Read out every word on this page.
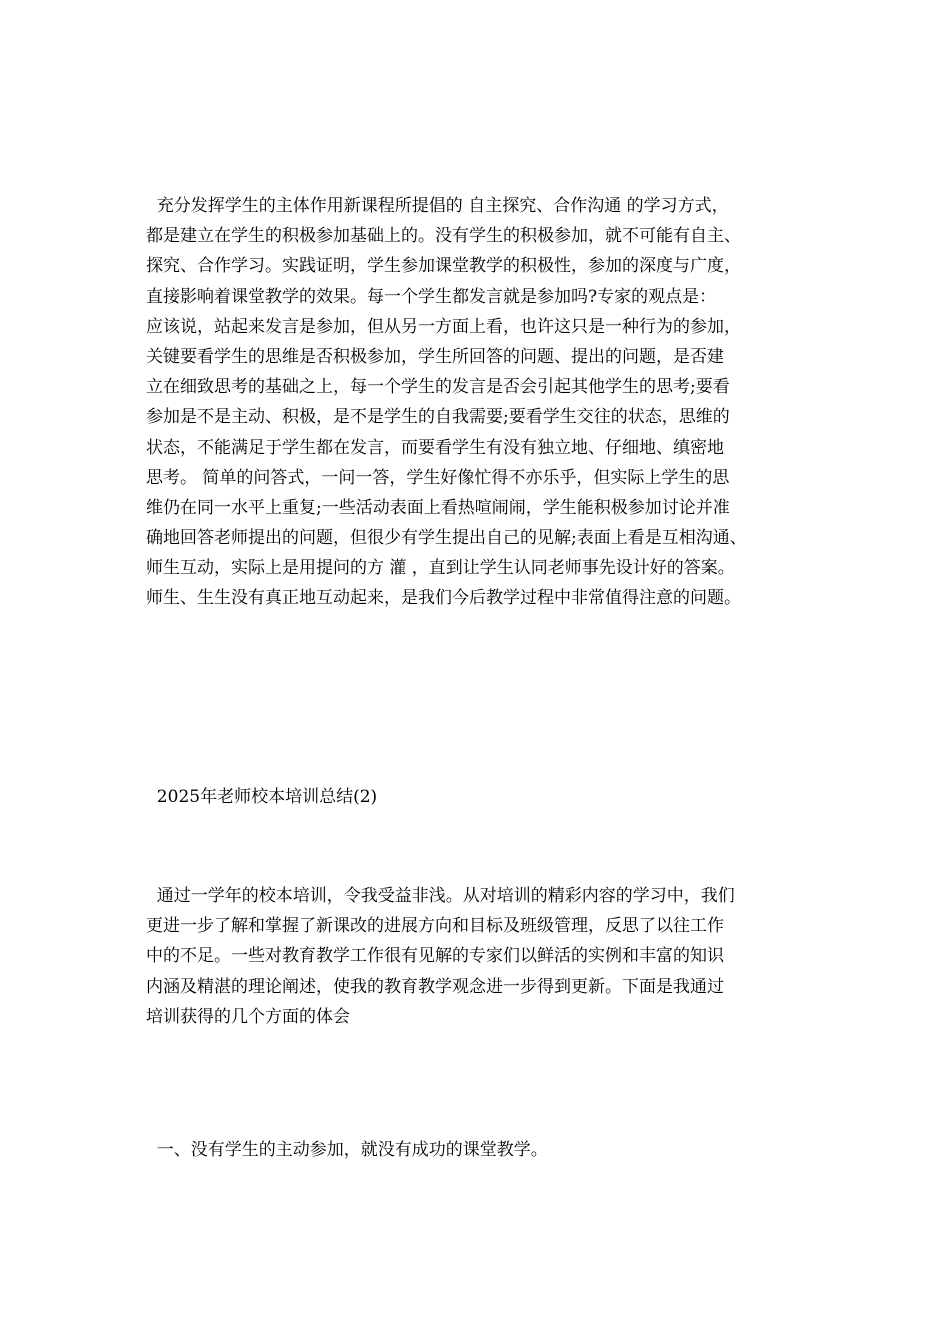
充分发挥学生的主体作用新课程所提倡的 自主探究、合作沟通 的学习方式，
都是建立在学生的积极参加基础上的。没有学生的积极参加，就不可能有自主、
探究、合作学习。实践证明，学生参加课堂教学的积极性，参加的深度与广度，
直接影响着课堂教学的效果。每一个学生都发言就是参加吗?专家的观点是：
应该说，站起来发言是参加，但从另一方面上看，也许这只是一种行为的参加，
关键要看学生的思维是否积极参加，学生所回答的问题、提出的问题，是否建
立在细致思考的基础之上，每一个学生的发言是否会引起其他学生的思考;要看
参加是不是主动、积极，是不是学生的自我需要;要看学生交往的状态，思维的
状态，不能满足于学生都在发言，而要看学生有没有独立地、仔细地、缜密地
思考。 简单的问答式，一问一答，学生好像忙得不亦乐乎，但实际上学生的思
维仍在同一水平上重复;一些活动表面上看热喧闹闹，学生能积极参加讨论并准
确地回答老师提出的问题，但很少有学生提出自己的见解;表面上看是互相沟通、
师生互动，实际上是用提问的方 灌 ，直到让学生认同老师事先设计好的答案。
师生、生生没有真正地互动起来，是我们今后教学过程中非常值得注意的问题。
2025年老师校本培训总结(2)
通过一学年的校本培训，令我受益非浅。从对培训的精彩内容的学习中，我们
更进一步了解和掌握了新课改的进展方向和目标及班级管理，反思了以往工作
中的不足。一些对教育教学工作很有见解的专家们以鲜活的实例和丰富的知识
内涵及精湛的理论阐述，使我的教育教学观念进一步得到更新。下面是我通过
培训获得的几个方面的体会
一、没有学生的主动参加，就没有成功的课堂教学。
